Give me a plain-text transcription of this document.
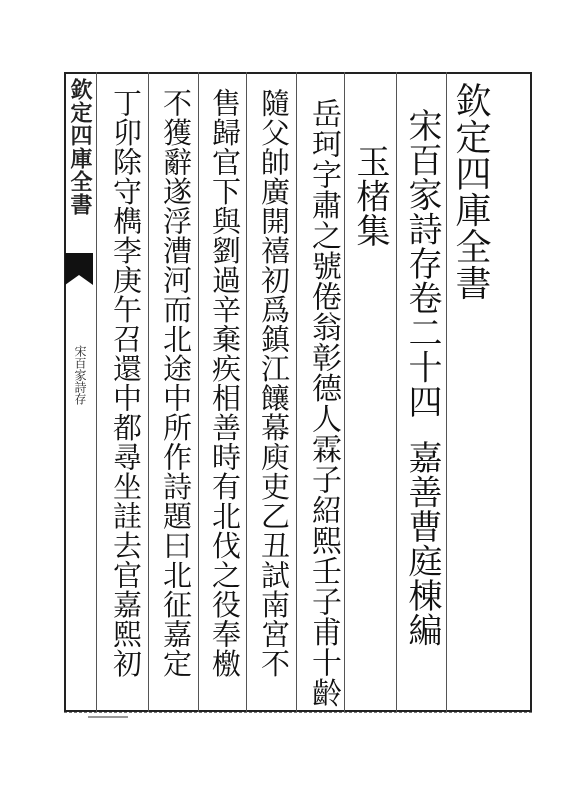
欽定四庫全書
宋百家詩存
欽定四庫全書
宋百家詩存卷二十四
嘉善曹庭棟編
玉楮集
岳珂字肅之號倦翁彰德人霖子紹熙壬子甫十齡
隨父帥廣開禧初爲鎮江饟幕庾吏乙丑試南宮不
售歸官下與劉過辛棄疾相善時有北伐之役奉檄
不獲辭遂浮漕河而北途中所作詩題曰北征嘉定
丁卯除守檇李庚午召還中都尋坐詿去官嘉熙初
